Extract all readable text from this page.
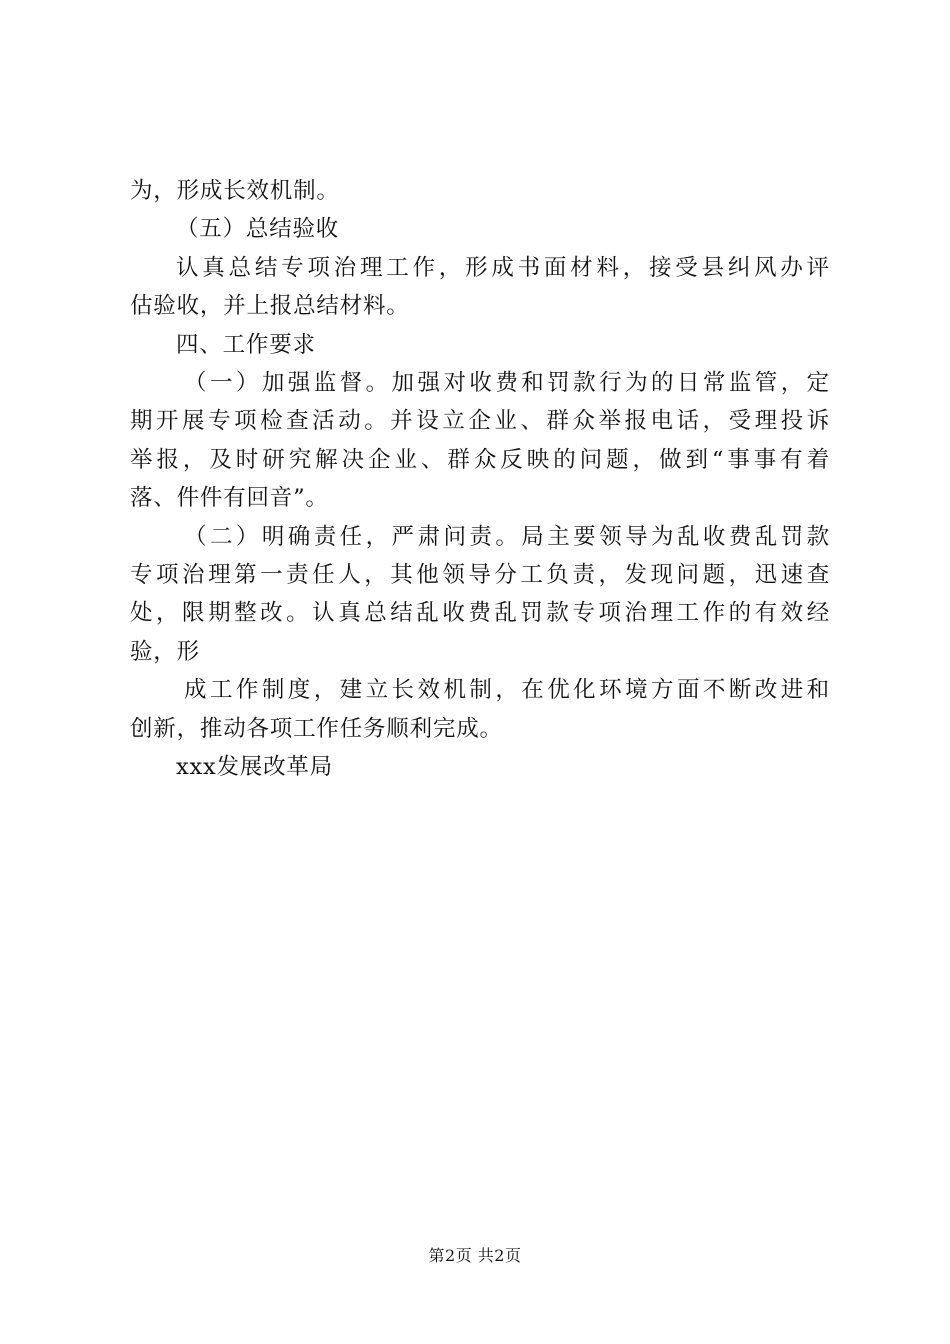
为，形成长效机制。
（五）总结验收
认真总结专项治理工作，形成书面材料，接受县纠风办评
估验收，并上报总结材料。
四、工作要求
（一）加强监督。加强对收费和罚款行为的日常监管，定
期开展专项检查活动。并设立企业、群众举报电话，受理投诉
举报，及时研究解决企业、群众反映的问题，做到“事事有着
落、件件有回音”。
（二）明确责任，严肃问责。局主要领导为乱收费乱罚款
专项治理第一责任人，其他领导分工负责，发现问题，迅速查
处，限期整改。认真总结乱收费乱罚款专项治理工作的有效经
验，形
成工作制度，建立长效机制，在优化环境方面不断改进和
创新，推动各项工作任务顺利完成。
xxx发展改革局
第2页 共2页
